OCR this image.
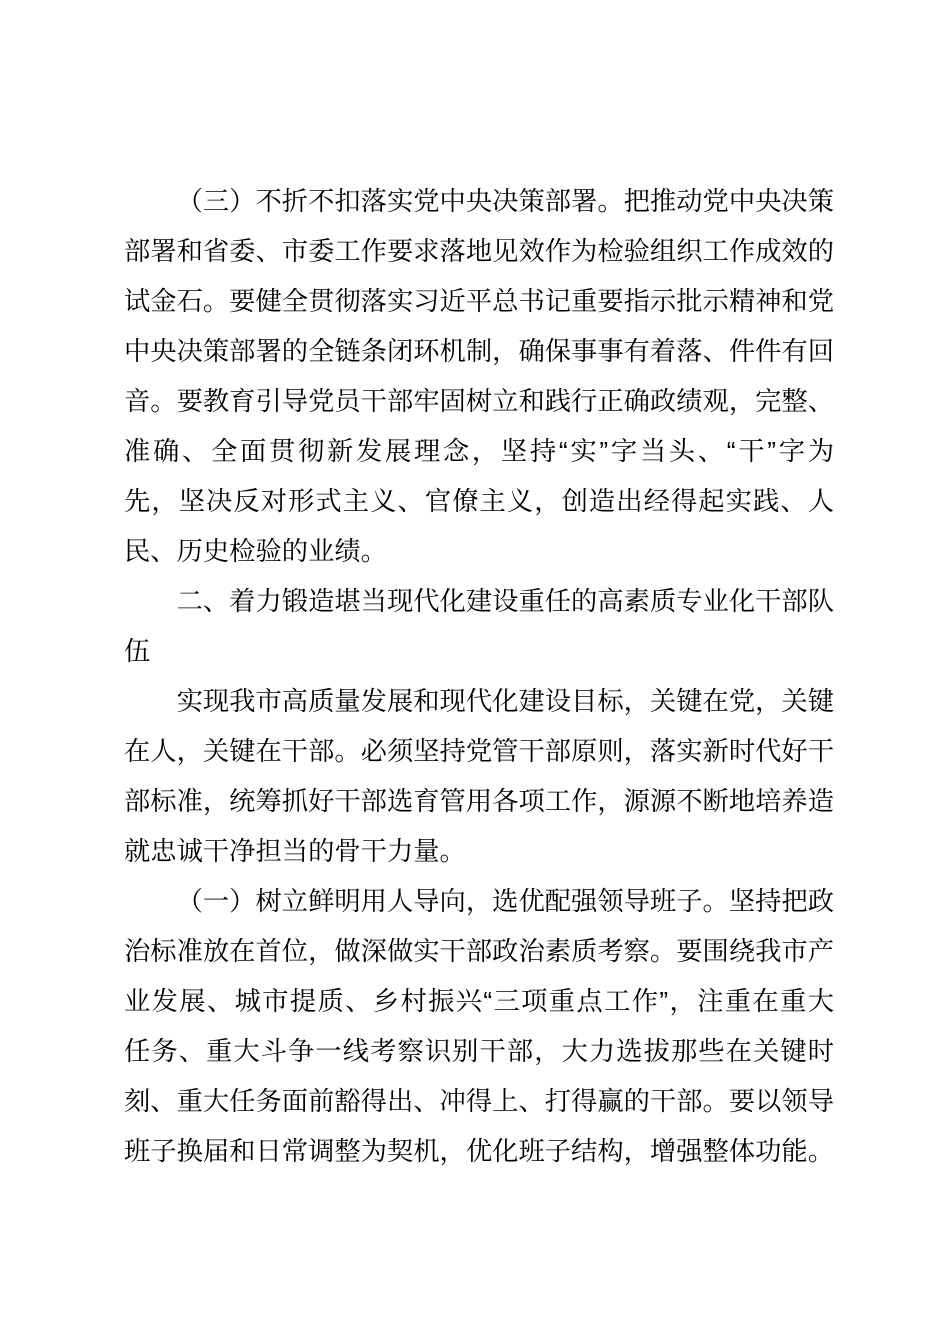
（三）不折不扣落实党中央决策部署。把推动党中央决策
部署和省委、市委工作要求落地见效作为检验组织工作成效的
试金石。要健全贯彻落实习近平总书记重要指示批示精神和党
中央决策部署的全链条闭环机制，确保事事有着落、件件有回
音。要教育引导党员干部牢固树立和践行正确政绩观，完整、
准确、全面贯彻新发展理念，坚持“实”字当头、“干”字为
先，坚决反对形式主义、官僚主义，创造出经得起实践、人
民、历史检验的业绩。
二、着力锻造堪当现代化建设重任的高素质专业化干部队
伍
实现我市高质量发展和现代化建设目标，关键在党，关键
在人，关键在干部。必须坚持党管干部原则，落实新时代好干
部标准，统筹抓好干部选育管用各项工作，源源不断地培养造
就忠诚干净担当的骨干力量。
（一）树立鲜明用人导向，选优配强领导班子。坚持把政
治标准放在首位，做深做实干部政治素质考察。要围绕我市产
业发展、城市提质、乡村振兴“三项重点工作”，注重在重大
任务、重大斗争一线考察识别干部，大力选拔那些在关键时
刻、重大任务面前豁得出、冲得上、打得赢的干部。要以领导
班子换届和日常调整为契机，优化班子结构，增强整体功能。
